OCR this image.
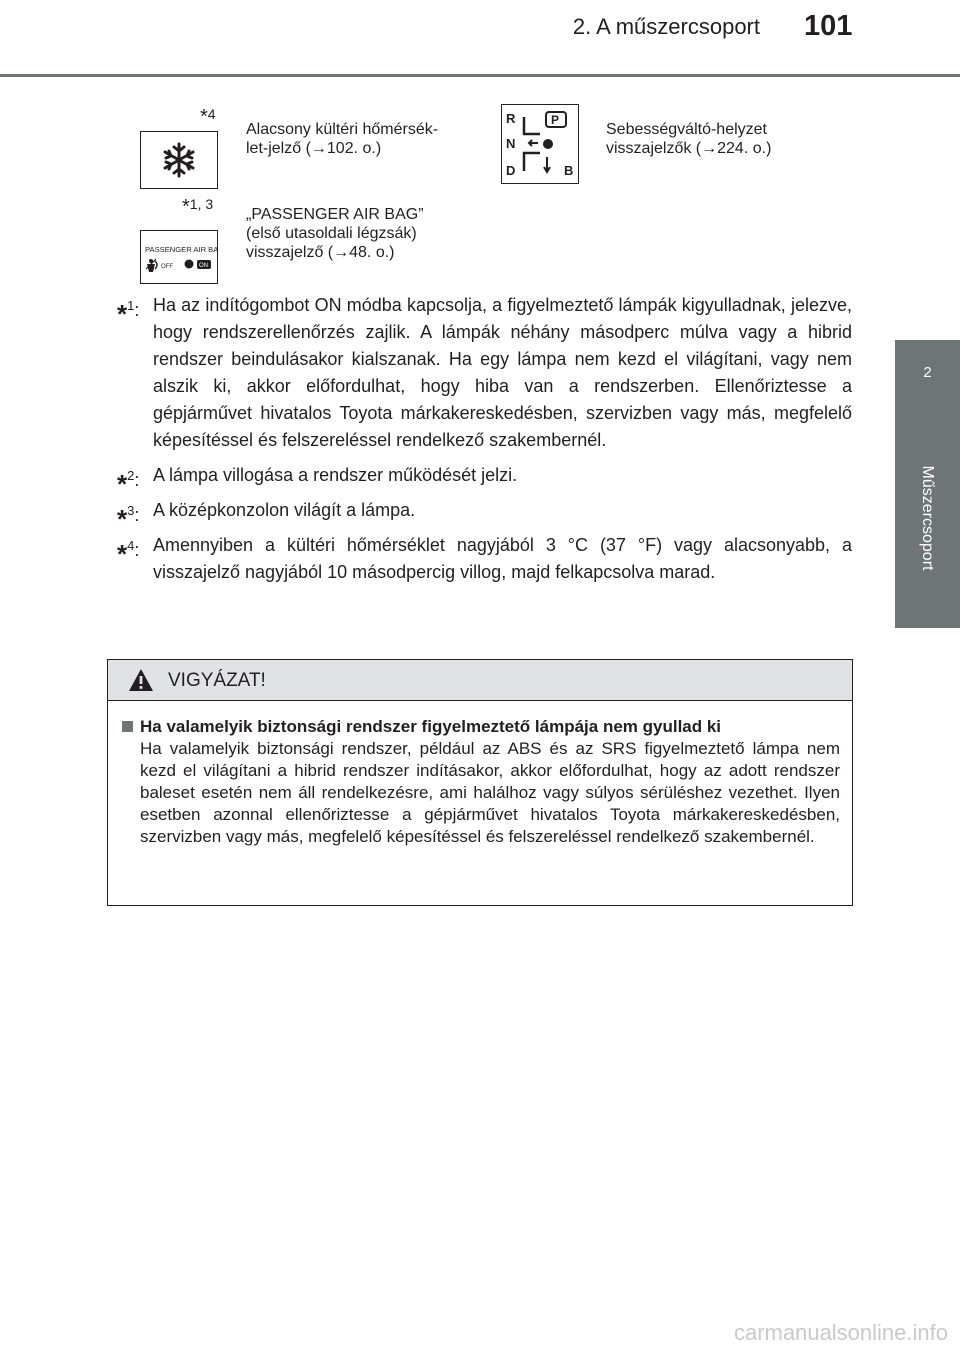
2. A műszercsoport 101
2
Műszercsoport
*4
Alacsony kültéri hőmérsék-
let-jelző (→102. o.)
R
N
D
P
B
Sebességváltó-helyzet
visszajelzők (→224. o.)
*1, 3
PASSENGER AIR BAG
OFF	ON
„PASSENGER AIR BAG”
(első utasoldali légzsák)
visszajelző (→48. o.)
*$^1$: Ha az indítógombot ON módba kapcsolja, a figyelmeztető lámpák kigyulladnak, jelezve, hogy rendszerellenőrzés zajlik. A lámpák néhány másodperc múlva vagy a hibrid rendszer beindulásakor kialszanak. Ha egy lámpa nem kezd el világítani, vagy nem alszik ki, akkor előfordulhat, hogy hiba van a rendszerben. Ellenőriztesse a gépjárművet hivatalos Toyota márkakereskedésben, szervizben vagy más, megfelelő képesítéssel és felszereléssel rendelkező szakembernél.
*$^2$: A lámpa villogása a rendszer működését jelzi.
*$^3$: A középkonzolon világít a lámpa.
*$^4$: Amennyiben a kültéri hőmérséklet nagyjából 3 °C (37 °F) vagy alacsonyabb, a visszajelző nagyjából 10 másodpercig villog, majd felkapcsolva marad.
VIGYÁZAT!
Ha valamelyik biztonsági rendszer figyelmeztető lámpája nem gyullad ki
Ha valamelyik biztonsági rendszer, például az ABS és az SRS figyelmeztető lámpa nem kezd el világítani a hibrid rendszer indításakor, akkor előfordulhat, hogy az adott rendszer baleset esetén nem áll rendelkezésre, ami halálhoz vagy súlyos sérüléshez vezethet. Ilyen esetben azonnal ellenőriztesse a gépjárművet hivatalos Toyota márkakereskedésben, szervizben vagy más, megfelelő képesítéssel és felszereléssel rendelkező szakembernél.
carmanualsonline.info
